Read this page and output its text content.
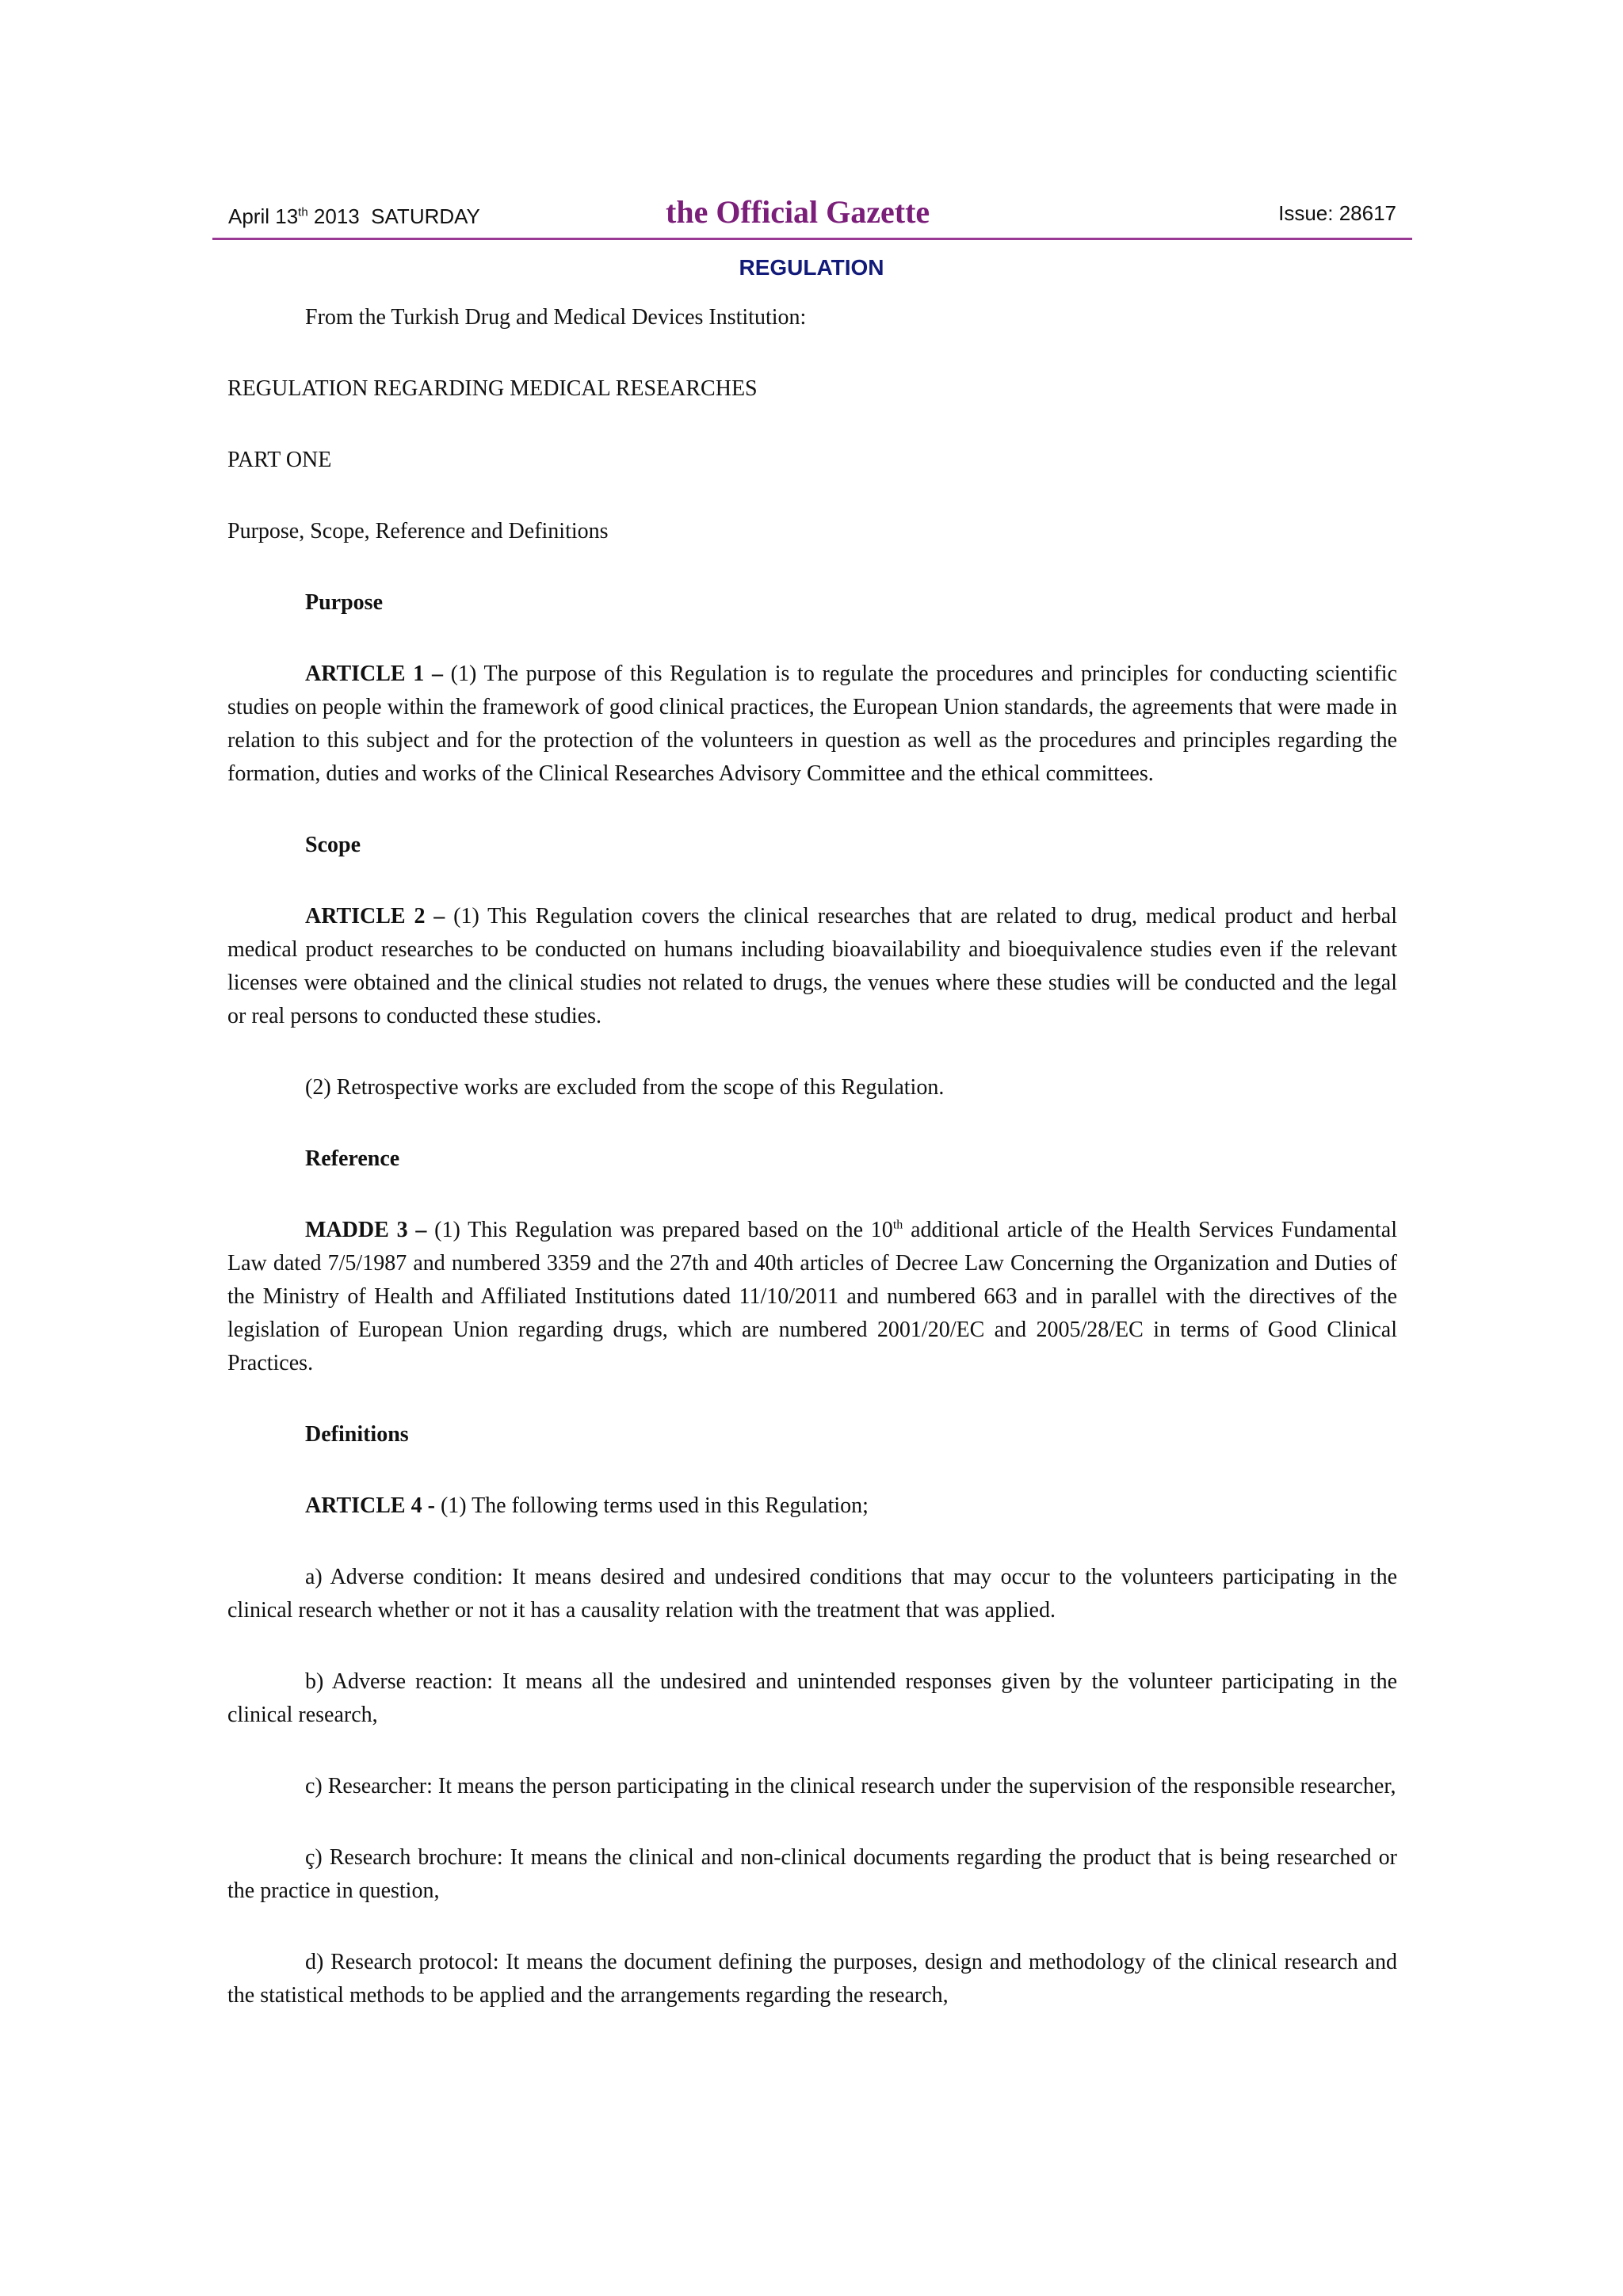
April 13th 2013  SATURDAY	the Official Gazette	Issue: 28617
REGULATION

From the Turkish Drug and Medical Devices Institution:

REGULATION REGARDING MEDICAL RESEARCHES

PART ONE

Purpose, Scope, Reference and Definitions

Purpose

ARTICLE 1 – (1) The purpose of this Regulation is to regulate the procedures and principles for conducting scientific studies on people within the framework of good clinical practices, the European Union standards, the agreements that were made in relation to this subject and for the protection of the volunteers in question as well as the procedures and principles regarding the formation, duties and works of the Clinical Researches Advisory Committee and the ethical committees.

Scope

ARTICLE 2 – (1) This Regulation covers the clinical researches that are related to drug, medical product and herbal medical product researches to be conducted on humans including bioavailability and bioequivalence studies even if the relevant licenses were obtained and the clinical studies not related to drugs, the venues where these studies will be conducted and the legal or real persons to conducted these studies.

(2) Retrospective works are excluded from the scope of this Regulation.

Reference

MADDE 3 – (1) This Regulation was prepared based on the 10th additional article of the Health Services Fundamental Law dated 7/5/1987 and numbered 3359 and the 27th and 40th articles of Decree Law Concerning the Organization and Duties of the Ministry of Health and Affiliated Institutions dated 11/10/2011 and numbered 663 and in parallel with the directives of the legislation of European Union regarding drugs, which are numbered 2001/20/EC and 2005/28/EC in terms of Good Clinical Practices.

Definitions

ARTICLE 4 - (1) The following terms used in this Regulation;

a) Adverse condition: It means desired and undesired conditions that may occur to the volunteers participating in the clinical research whether or not it has a causality relation with the treatment that was applied.

b) Adverse reaction: It means all the undesired and unintended responses given by the volunteer participating in the clinical research,

c) Researcher: It means the person participating in the clinical research under the supervision of the responsible researcher,

ç) Research brochure: It means the clinical and non-clinical documents regarding the product that is being researched or the practice in question,

d) Research protocol: It means the document defining the purposes, design and methodology of the clinical research and the statistical methods to be applied and the arrangements regarding the research,
